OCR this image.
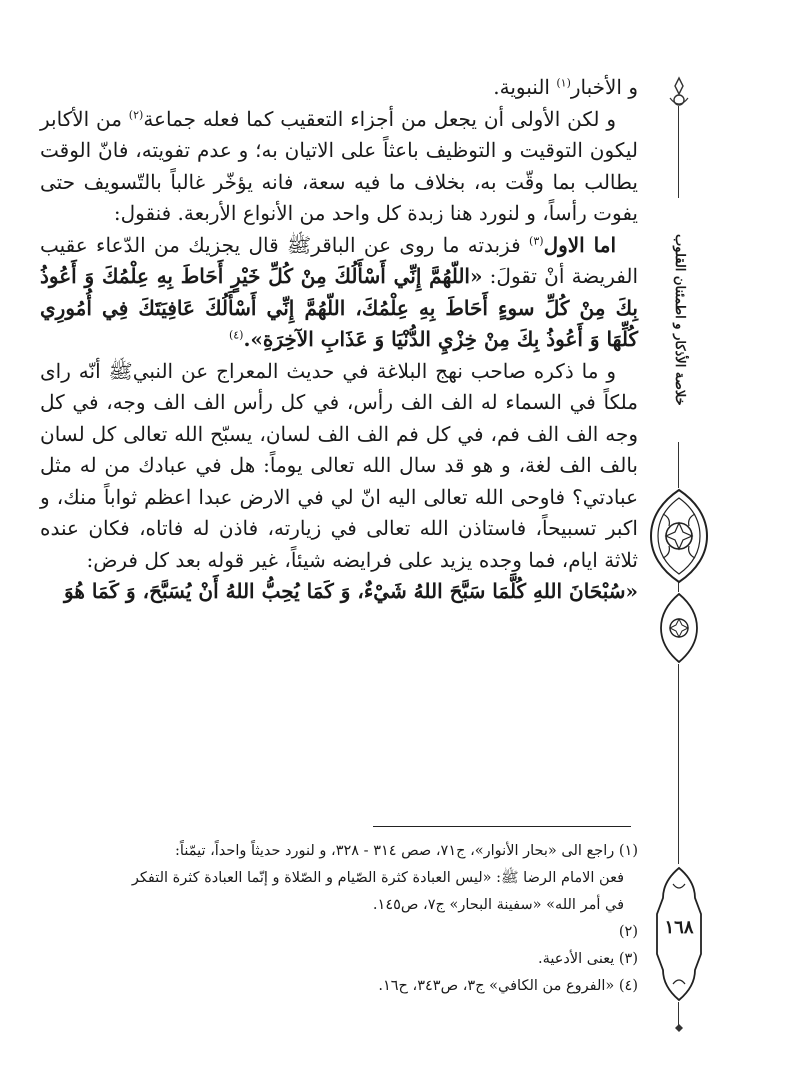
و الأخبار$^{(١)}$ النبوية.

و لكن الأولى أن يجعل من أجزاء التعقيب كما فعله جماعة$^{(٢)}$ من الأكابر ليكون التوقيت و التوظيف باعثاً على الاتيان به؛ و عدم تفويته، فانّ الوقت يطالب بما وقّت به، بخلاف ما فيه سعة، فانه يؤخّر غالباً بالتّسويف حتى يفوت رأساً، و لنورد هنا زبدة كل واحد من الأنواع الأربعة. فنقول:

اما الاول$^{(٣)}$ فزبدته ما روى عن الباقرﷺ قال يجزيك من الدّعاء عقيب الفريضة أنْ تقولَ: «اللّهُمَّ إِنِّي أَسْأَلُكَ مِنْ كُلِّ خَيْرٍ أَحَاطَ بِهِ عِلْمُكَ وَ أَعُوذُ بِكَ مِنْ كُلِّ سوءٍ أَحَاطَ بِهِ عِلْمُكَ، اللّهُمَّ إِنِّي أَسْأَلُكَ عَافِيَتَكَ فِي أُمُورِي كُلِّهَا وَ أَعُوذُ بِكَ مِنْ خِزْيِ الدُّنْيَا وَ عَذَابِ الآخِرَةِ».$^{(٤)}$

و ما ذكره صاحب نهج البلاغة في حديث المعراج عن النبيﷺ أنّه راى ملكاً في السماء له الف الف رأس، في كل رأس الف الف وجه، في كل وجه الف الف فم، في كل فم الف الف لسان، يسبّح الله تعالى كل لسان بالف الف لغة، و هو قد سال الله تعالى يوماً: هل في عبادك من له مثل عبادتي؟ فاوحى الله تعالى اليه انّ لي في الارض عبدا اعظم ثواباً منك، و اكبر تسبيحاً، فاستاذن الله تعالى في زيارته، فاذن له فاتاه، فكان عنده ثلاثة ايام، فما وجده يزيد على فرايضه شيئاً، غير قوله بعد كل فرض:

«سُبْحَانَ اللهِ كُلَّمَا سَبَّحَ اللهُ شَيْءٌ، وَ كَمَا يُحِبُّ اللهُ أَنْ يُسَبَّحَ، وَ كَمَا هُوَ

(١) راجع الى «بحار الأنوار»، ج٧١، صص ٣١٤ - ٣٢٨، و لنورد حديثاً واحداً، تيمّناً:

فعن الامام الرضا ﷺ: «ليس العبادة كثرة الصّيام و الصّلاة و إنّما العبادة كثرة التفكر

في أمر الله» «سفينة البحار» ج٧، ص١٤٥.

(٢)

(٣) يعنى الأدعية.

(٤) «الفروع من الكافي» ج٣، ص٣٤٣، ح١٦.

خلاصة الأذكار و اطمئنان القلوب
١٦٨
